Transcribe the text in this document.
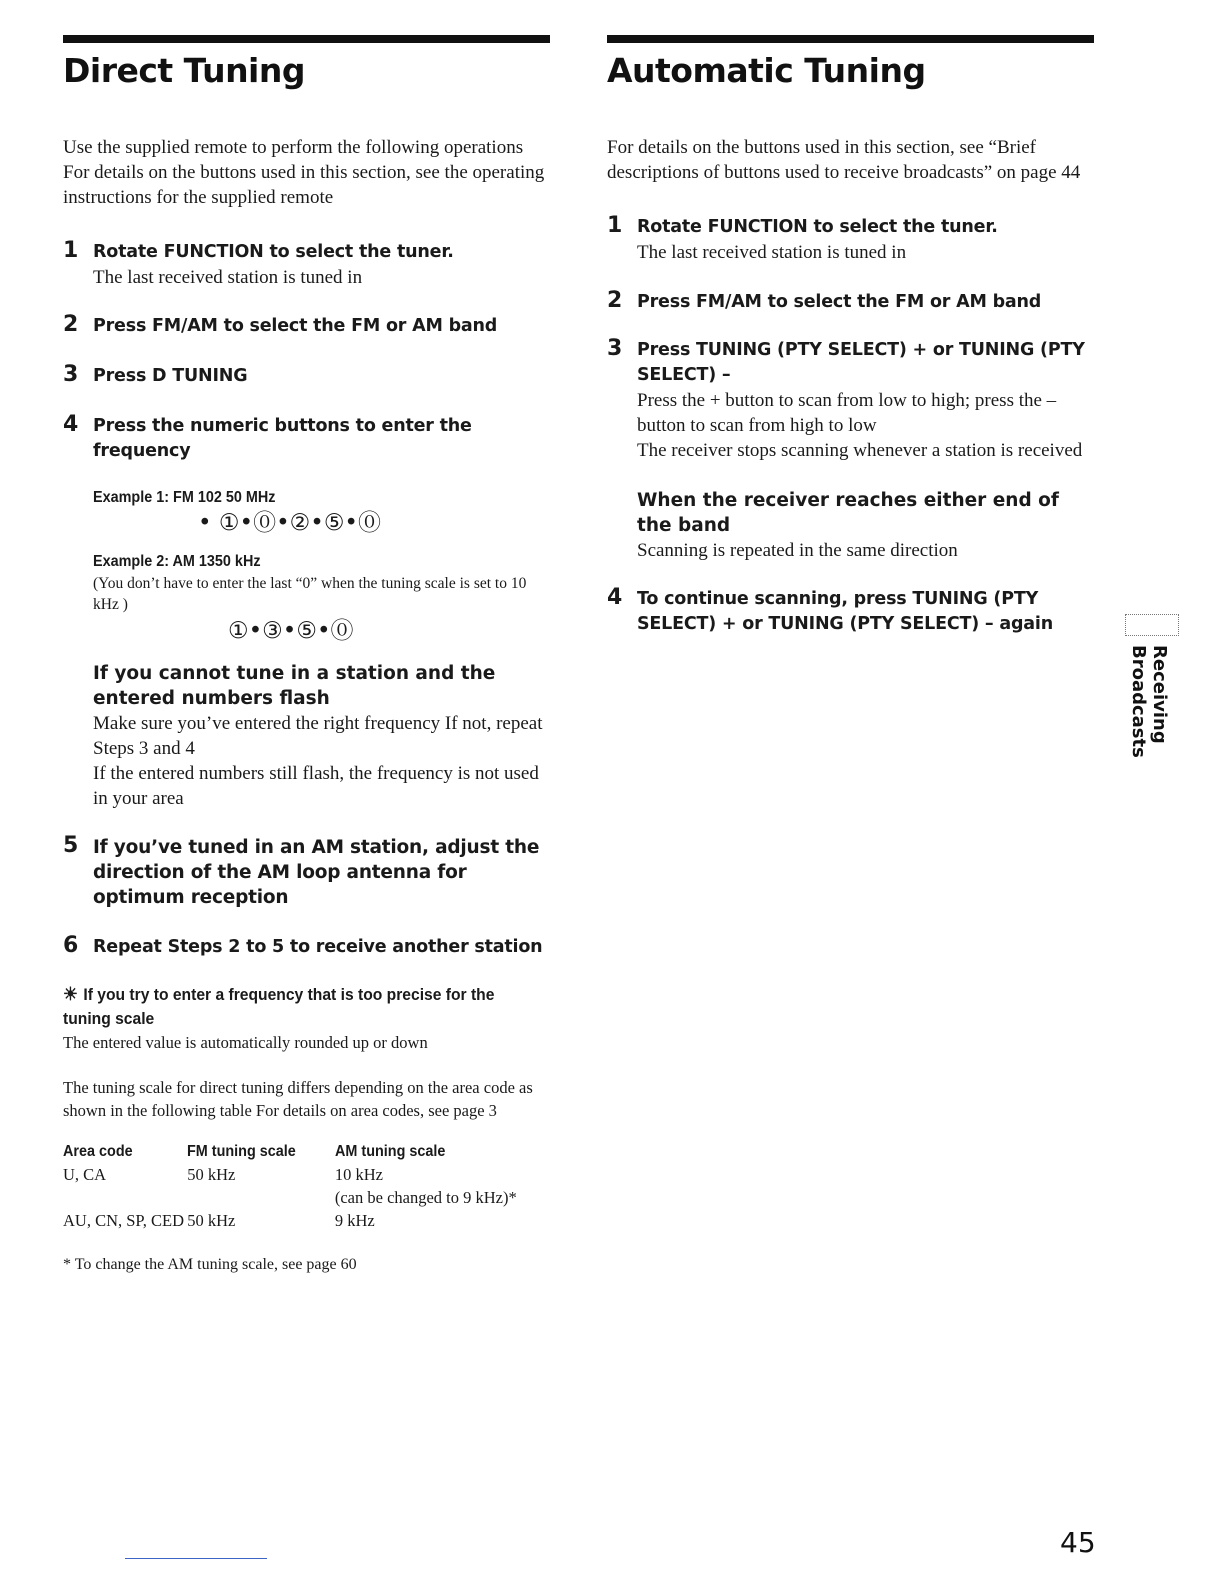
Direct Tuning
Use the supplied remote to perform the following operations For details on the buttons used in this section, see the operating instructions for the supplied remote
1 Rotate FUNCTION to select the tuner.
The last received station is tuned in
2 Press FM/AM to select the FM or AM band
3 Press D TUNING
4 Press the numeric buttons to enter the frequency
Example 1: FM 102 50 MHz
• ①•⓪•②•⑤•⓪
Example 2: AM 1350 kHz
(You don’t have to enter the last “0” when the tuning scale is set to 10 kHz )
①•③•⑤•⓪
If you cannot tune in a station and the entered numbers flash
Make sure you’ve entered the right frequency If not, repeat Steps 3 and 4
If the entered numbers still flash, the frequency is not used in your area
5 If you’ve tuned in an AM station, adjust the direction of the AM loop antenna for optimum reception
6 Repeat Steps 2 to 5 to receive another station
☀ If you try to enter a frequency that is too precise for the tuning scale
The entered value is automatically rounded up or down
The tuning scale for direct tuning differs depending on the area code as shown in the following table For details on area codes, see page 3
Area code	FM tuning scale	AM tuning scale
U, CA	50 kHz	10 kHz
(can be changed to 9 kHz)*
AU, CN, SP, CED 50 kHz	9 kHz
* To change the AM tuning scale, see page 60
Automatic Tuning
For details on the buttons used in this section, see “Brief descriptions of buttons used to receive broadcasts” on page 44
1 Rotate FUNCTION to select the tuner.
The last received station is tuned in
2 Press FM/AM to select the FM or AM band
3 Press TUNING (PTY SELECT) + or TUNING (PTY SELECT) –
Press the + button to scan from low to high; press the – button to scan from high to low
The receiver stops scanning whenever a station is received
When the receiver reaches either end of the band
Scanning is repeated in the same direction
4 To continue scanning, press TUNING (PTY SELECT) + or TUNING (PTY SELECT) – again
Receiving Broadcasts
45
